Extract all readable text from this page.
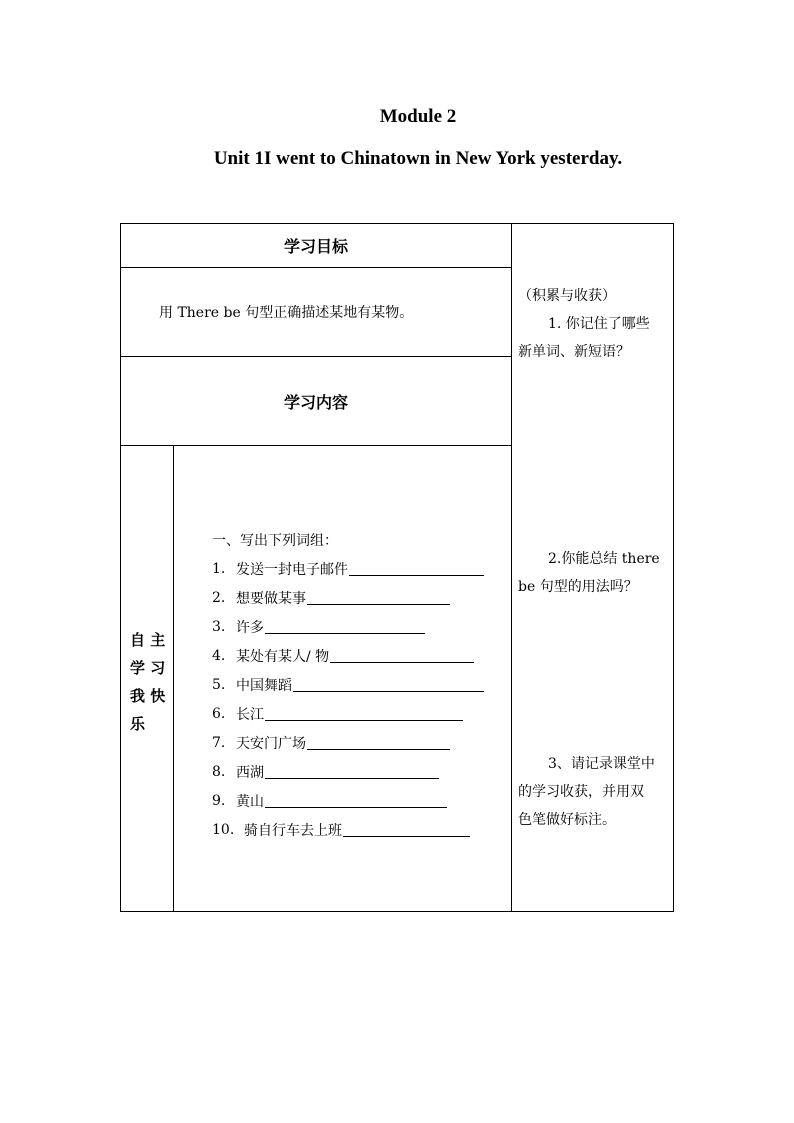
Module 2
Unit 1I went to Chinatown in New York yesterday.
学习目标
用 There be 句型正确描述某地有某物。
学习内容
自 主
学 习
我 快
乐
一、写出下列词组：
1. 发送一封电子邮件
2. 想要做某事
3. 许多
4. 某处有某人/ 物
5. 中国舞蹈
6. 长江
7. 天安门广场
8. 西湖
9. 黄山
10. 骑自行车去上班
（积累与收获）
1. 你记住了哪些
新单词、新短语？
2.你能总结 there
be 句型的用法吗？
3、请记录课堂中
的学习收获，并用双
色笔做好标注。
